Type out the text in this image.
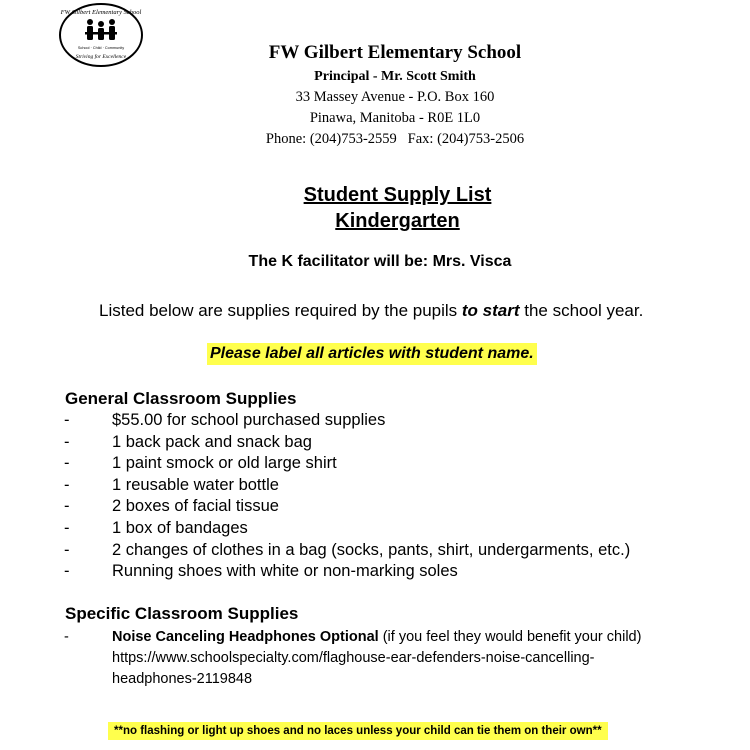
FW Gilbert Elementary School
School · Child · Community
Striving for Excellence	FW Gilbert Elementary School
Principal - Mr. Scott Smith
33 Massey Avenue - P.O. Box 160
Pinawa, Manitoba - R0E 1L0
Phone: (204)753-2559   Fax: (204)753-2506
Student Supply List
Kindergarten
The K facilitator will be: Mrs. Visca
Listed below are supplies required by the pupils to start the school year.
Please label all articles with student name.
General Classroom Supplies
-	$55.00 for school purchased supplies
-	1 back pack and snack bag
-	1 paint smock or old large shirt
-	1 reusable water bottle
-	2 boxes of facial tissue
-	1 box of bandages
-	2 changes of clothes in a bag (socks, pants, shirt, undergarments, etc.)
-	Running shoes with white or non-marking soles
Specific Classroom Supplies
-	Noise Canceling Headphones Optional (if you feel they would benefit your child)
https://www.schoolspecialty.com/flaghouse-ear-defenders-noise-cancelling-
headphones-2119848
**no flashing or light up shoes and no laces unless your child can tie them on their own**
